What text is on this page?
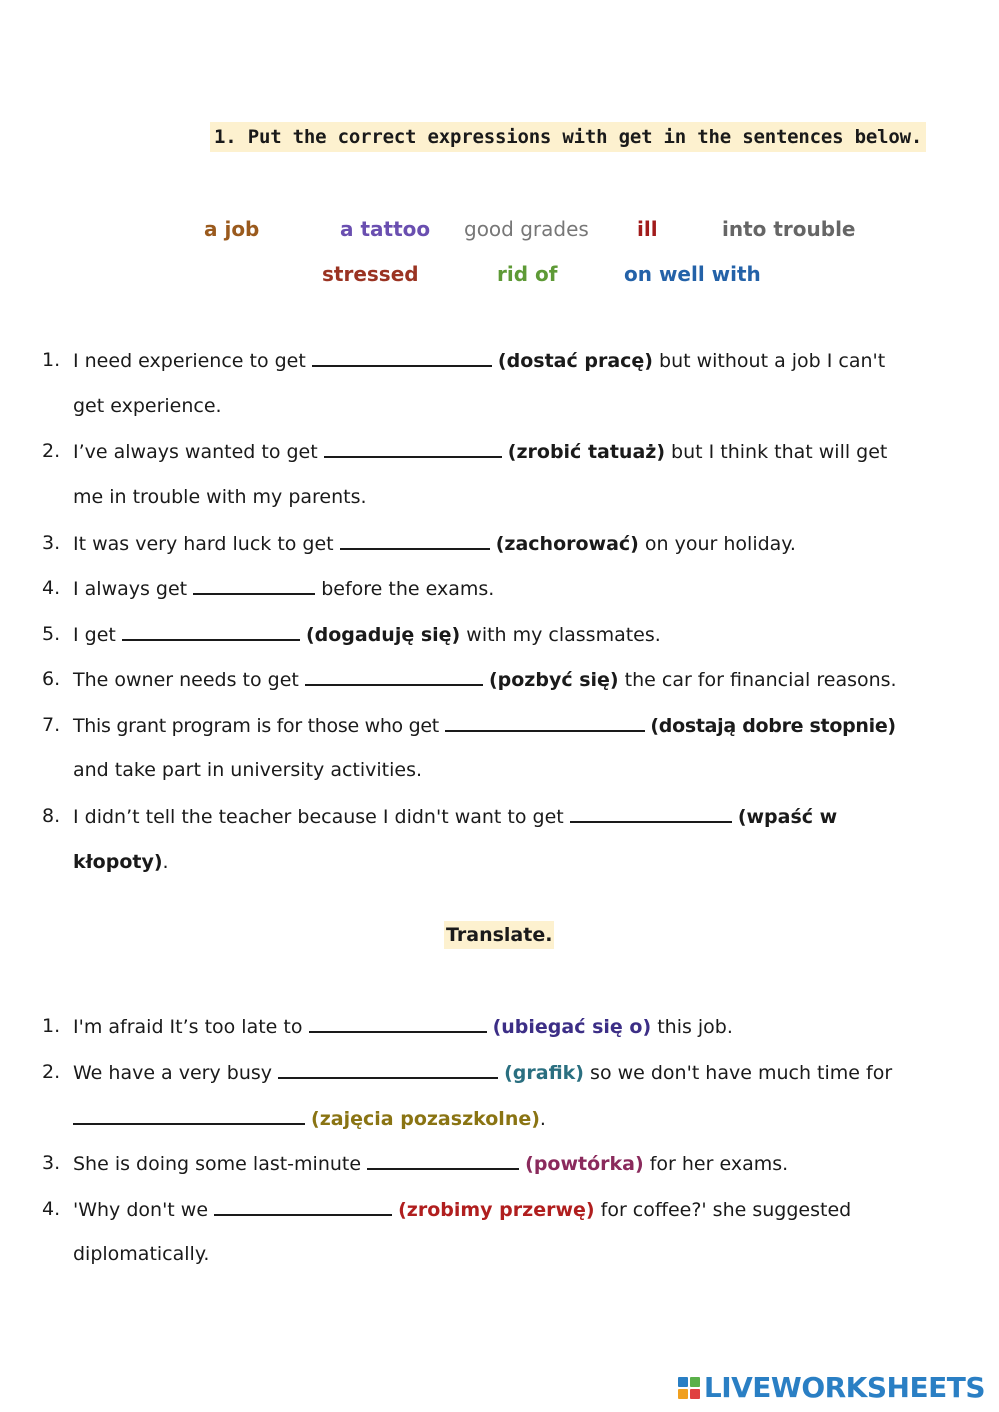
1. Put the correct expressions with get in the sentences below.
a job	a tattoo good grades ill	into trouble
stressed	rid of	on well with
1. I need experience to get	(dostać pracę) but without a job I can't
get experience.
2. I’ve always wanted to get	(zrobić tatuaż) but I think that will get
me in trouble with my parents.
3. It was very hard luck to get	(zachorować) on your holiday.
4. I always get	before the exams.
5. I get	(dogaduję się) with my classmates.
6. The owner needs to get	(pozbyć się) the car for financial reasons.
7. This grant program is for those who get	(dostają dobre stopnie)
and take part in university activities.
8. I didn’t tell the teacher because I didn't want to get	(wpaść w
kłopoty).
Translate.
1. I'm afraid It’s too late to	(ubiegać się o) this job.
2. We have a very busy	(grafik) so we don't have much time for
(zajęcia pozaszkolne).
3. She is doing some last-minute	(powtórka) for her exams.
4. 'Why don't we	(zrobimy przerwę) for coffee?' she suggested
diplomatically.
LIVEWORKSHEETS
